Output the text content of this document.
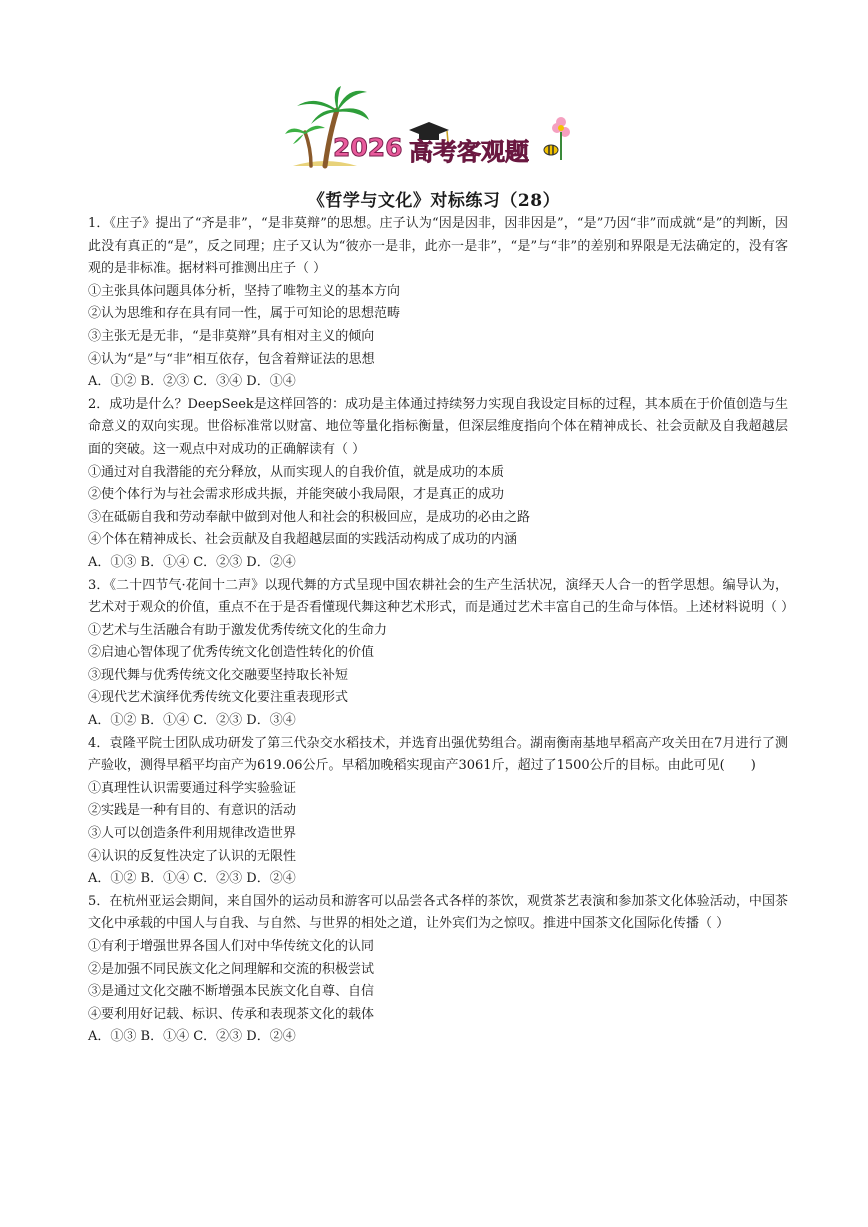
2026 高考客观题
《哲学与文化》对标练习（28）

1．《庄子》提出了“齐是非”，“是非莫辩”的思想。庄子认为“因是因非，因非因是”，“是”乃因“非”而成就“是”的判断，因此没有真正的“是”，反之同理；庄子又认为“彼亦一是非，此亦一是非”，“是”与“非”的差别和界限是无法确定的，没有客观的是非标准。据材料可推测出庄子（ ）

①主张具体问题具体分析，坚持了唯物主义的基本方向

②认为思维和存在具有同一性，属于可知论的思想范畴

③主张无是无非，“是非莫辩”具有相对主义的倾向

④认为“是”与“非”相互依存，包含着辩证法的思想

A．①② B．②③ C．③④ D．①④

2．成功是什么？DeepSeek是这样回答的：成功是主体通过持续努力实现自我设定目标的过程，其本质在于价值创造与生命意义的双向实现。世俗标准常以财富、地位等量化指标衡量，但深层维度指向个体在精神成长、社会贡献及自我超越层面的突破。这一观点中对成功的正确解读有（ ）

①通过对自我潜能的充分释放，从而实现人的自我价值，就是成功的本质

②使个体行为与社会需求形成共振，并能突破小我局限，才是真正的成功

③在砥砺自我和劳动奉献中做到对他人和社会的积极回应，是成功的必由之路

④个体在精神成长、社会贡献及自我超越层面的实践活动构成了成功的内涵

A．①③ B．①④ C．②③ D．②④

3．《二十四节气·花间十二声》以现代舞的方式呈现中国农耕社会的生产生活状况，演绎天人合一的哲学思想。编导认为，艺术对于观众的价值，重点不在于是否看懂现代舞这种艺术形式，而是通过艺术丰富自己的生命与体悟。上述材料说明（ ）

①艺术与生活融合有助于激发优秀传统文化的生命力

②启迪心智体现了优秀传统文化创造性转化的价值

③现代舞与优秀传统文化交融要坚持取长补短

④现代艺术演绎优秀传统文化要注重表现形式

A．①② B．①④ C．②③ D．③④

4．袁隆平院士团队成功研发了第三代杂交水稻技术，并选育出强优势组合。湖南衡南基地早稻高产攻关田在7月进行了测产验收，测得早稻平均亩产为619.06公斤。早稻加晚稻实现亩产3061斤，超过了1500公斤的目标。由此可见(　　)

①真理性认识需要通过科学实验验证

②实践是一种有目的、有意识的活动

③人可以创造条件利用规律改造世界

④认识的反复性决定了认识的无限性

A．①② B．①④ C．②③ D．②④

5．在杭州亚运会期间，来自国外的运动员和游客可以品尝各式各样的茶饮，观赏茶艺表演和参加茶文化体验活动，中国茶文化中承载的中国人与自我、与自然、与世界的相处之道，让外宾们为之惊叹。推进中国茶文化国际化传播（ ）

①有利于增强世界各国人们对中华传统文化的认同

②是加强不同民族文化之间理解和交流的积极尝试

③是通过文化交融不断增强本民族文化自尊、自信

④要利用好记载、标识、传承和表现茶文化的载体

A．①③ B．①④ C．②③ D．②④
